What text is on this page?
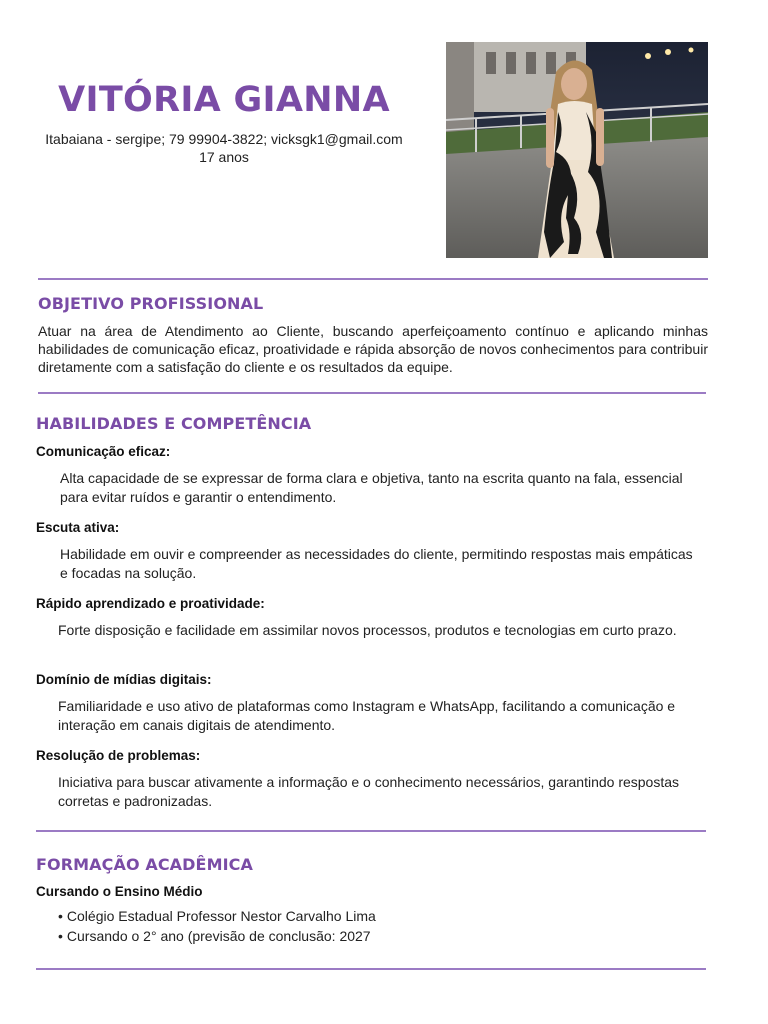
VITÓRIA GIANNA
Itabaiana - sergipe; 79 99904-3822; vicksgk1@gmail.com
17 anos
OBJETIVO PROFISSIONAL
Atuar na área de Atendimento ao Cliente, buscando aperfeiçoamento contínuo e aplicando minhas habilidades de comunicação eficaz, proatividade e rápida absorção de novos conhecimentos para contribuir diretamente com a satisfação do cliente e os resultados da equipe.
HABILIDADES E COMPETÊNCIA
Comunicação eficaz:
Alta capacidade de se expressar de forma clara e objetiva, tanto na escrita quanto na fala, essencial para evitar ruídos e garantir o entendimento.
Escuta ativa:
Habilidade em ouvir e compreender as necessidades do cliente, permitindo respostas mais empáticas e focadas na solução.
Rápido aprendizado e proatividade:
Forte disposição e facilidade em assimilar novos processos, produtos e tecnologias em curto prazo.
Domínio de mídias digitais:
Familiaridade e uso ativo de plataformas como Instagram e WhatsApp, facilitando a comunicação e interação em canais digitais de atendimento.
Resolução de problemas:
Iniciativa para buscar ativamente a informação e o conhecimento necessários, garantindo respostas corretas e padronizadas.
FORMAÇÃO ACADÊMICA
Cursando o Ensino Médio
• Colégio Estadual Professor Nestor Carvalho Lima
• Cursando o 2° ano (previsão de conclusão: 2027
